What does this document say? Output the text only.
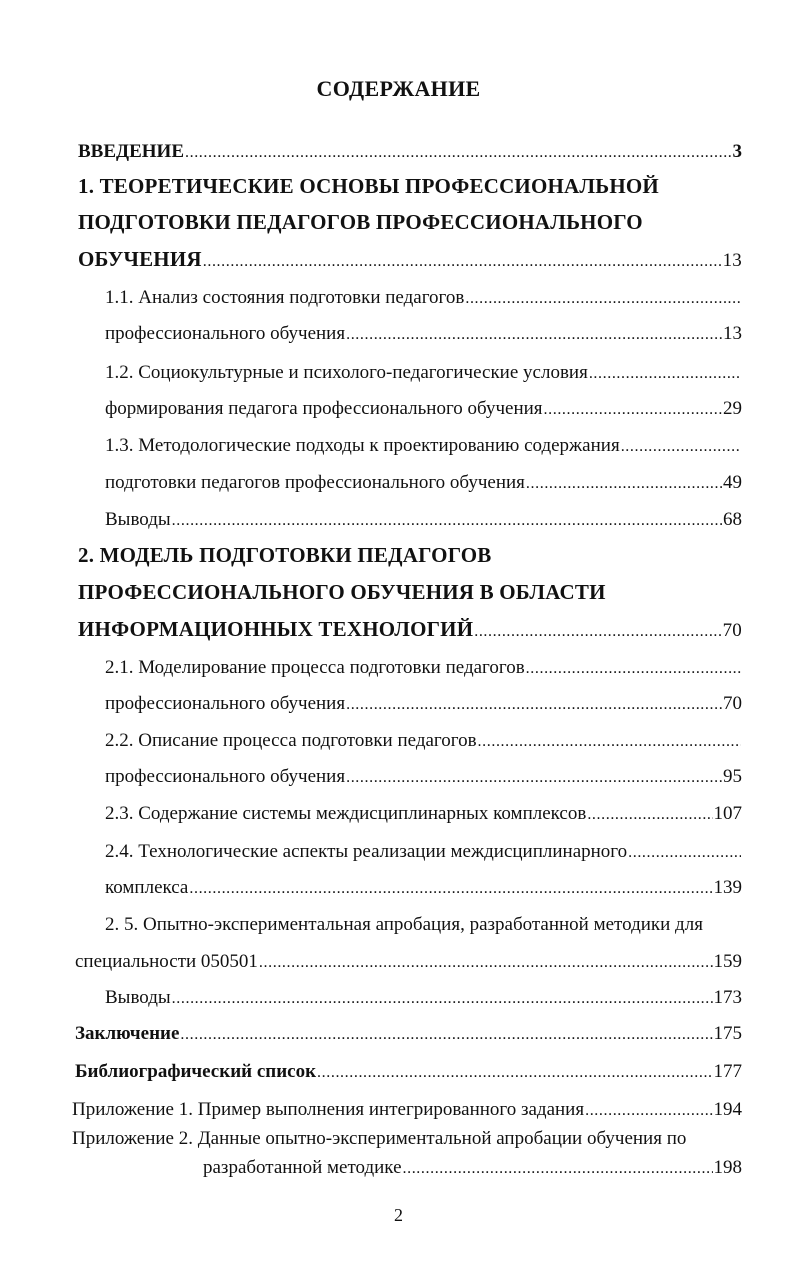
СОДЕРЖАНИЕ
ВВЕДЕНИЕ .....	3
1. ТЕОРЕТИЧЕСКИЕ ОСНОВЫ ПРОФЕССИОНАЛЬНОЙ
ПОДГОТОВКИ ПЕДАГОГОВ ПРОФЕССИОНАЛЬНОГО
ОБУЧЕНИЯ .....	13
1.1. Анализ состояния подготовки педагогов
.....
профессионального обучения .....	13
1.2. Социокультурные и психолого-педагогические условия
.....
формирования педагога профессионального обучения .....	29
1.3. Методологические подходы к проектированию содержания
.....
подготовки педагогов профессионального обучения .....	49
Выводы .....	68
2. МОДЕЛЬ ПОДГОТОВКИ ПЕДАГОГОВ
ПРОФЕССИОНАЛЬНОГО ОБУЧЕНИЯ В ОБЛАСТИ
ИНФОРМАЦИОННЫХ ТЕХНОЛОГИЙ .....	70
2.1. Моделирование процесса подготовки педагогов
.....
профессионального обучения .....	70
2.2. Описание процесса подготовки педагогов
.....
профессионального обучения .....	95
2.3. Содержание системы междисциплинарных комплексов .....	107
2.4. Технологические аспекты реализации междисциплинарного
.....
комплекса .....	139
2. 5. Опытно-экспериментальная апробация, разработанной методики для
специальности 050501 .....	159
Выводы .....	173
Заключение .....	175
Библиографический список .....	177
Приложение 1. Пример выполнения интегрированного задания .....	194
Приложение 2. Данные опытно-экспериментальной апробации обучения по
разработанной методике .....	198
2
